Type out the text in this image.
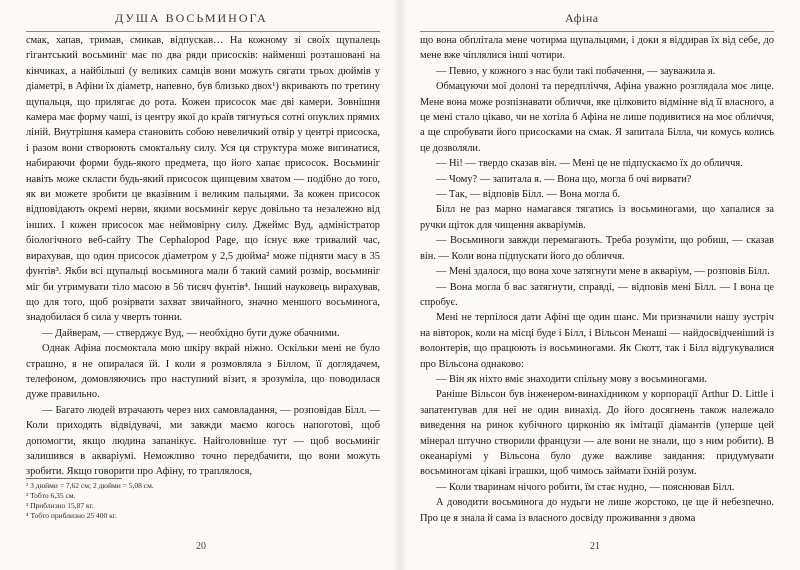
ДУША ВОСЬМИНОГА

смак, хапав, тримав, смикав, відпускав… На кожному зі своїх щупалець гігантський восьминіг має по два ряди присосків: найменші розташовані на кінчиках, а найбільші (у великих самців вони можуть сягати трьох дюймів у діаметрі, в Афіни їх діаметр, напевно, був близько двох¹) вкривають по третину щупальця, що прилягає до рота. Кожен присосок має дві камери. Зовнішня камера має форму чаші, із центру якої до країв тягнуться сотні опуклих прямих ліній. Внутрішня камера становить собою невеличкий отвір у центрі присоска, і разом вони створюють смоктальну силу. Уся ця структура може вигинатися, набираючи форми будь-якого предмета, що його хапає присосок. Восьминіг навіть може скласти будь-який присосок щипцевим хватом — подібно до того, як ви можете зробити це вказівним і великим пальцями. За кожен присосок відповідають окремі нерви, якими восьминіг керує довільно та незалежно від інших. І кожен присосок має неймовірну силу. Джеймс Вуд, адміністратор біологічного веб-сайту The Cephalopod Page, що існує вже тривалий час, вирахував, що один присосок діаметром у 2,5 дюйма² може підняти масу в 35 фунтів³. Якби всі щупальці восьминога мали б такий самий розмір, восьминіг міг би утримувати тіло масою в 56 тисяч фунтів⁴. Інший науковець вирахував, що для того, щоб розірвати захват звичайного, значно меншого восьминога, знадобилася б сила у чверть тонни.

— Дайверам, — стверджує Вуд, — необхідно бути дуже обачними.

Однак Афіна посмоктала мою шкіру вкрай ніжно. Оскільки мені не було страшно, я не опиралася їй. І коли я розмовляла з Біллом, її доглядачем, телефоном, домовляючись про наступний візит, я зрозуміла, що поводилася дуже правильно.

— Багато людей втрачають через них самовладання, — розповідав Білл. — Коли приходять відвідувачі, ми завжди маємо когось напоготові, щоб допомогти, якщо людина запанікує. Найголовніше тут — щоб восьминіг залишився в акваріумі. Неможливо точно передбачити, що вони можуть зробити. Якщо говорити про Афіну, то траплялося,

¹ 3 дюйми = 7,62 см; 2 дюйми = 5,08 см.

² Тобто 6,35 см.

³ Приблизно 15,87 кг.

⁴ Тобто приблизно 25 400 кг.

20
Афіна

що вона обплітала мене чотирма щупальцями, і доки я віддирав їх від себе, до мене вже чіплялися інші чотири.

— Певно, у кожного з нас були такі побачення, — зауважила я.

Обмацуючи мої долоні та передпліччя, Афіна уважно розглядала моє лице. Мене вона може розпізнавати обличчя, яке цілковито відмінне від її власного, а це мені стало цікаво, чи не хотіла б Афіна не лише подивитися на моє обличчя, а ще спробувати його присосками на смак. Я запитала Білла, чи комусь колись це дозволяли.

— Ні! — твердо сказав він. — Мені це не підпускаємо їх до обличчя.

— Чому? — запитала я. — Вона що, могла б очі вирвати?

— Так, — відповів Білл. — Вона могла б.

Білл не раз марно намагався тягатись із восьминогами, що хапалися за ручки щіток для чищення акваріумів.

— Восьминоги завжди перемагають. Треба розуміти, що робиш, — сказав він. — Коли вона підпускати його до обличчя.

— Мені здалося, що вона хоче затягнути мене в акваріум, — розповів Білл.

— Вона могла б вас затягнути, справді, — відповів мені Білл. — І вона це спробує.

Мені не терпілося дати Афіні ще один шанс. Ми призначили нашу зустріч на вівторок, коли на місці буде і Білл, і Вільсон Менаші — найдосвідченіший із волонтерів, що працюють із восьминогами. Як Скотт, так і Білл відгукувалися про Вільсона однаково:

— Він як ніхто вміє знаходити спільну мову з восьминогами.

Раніше Вільсон був інженером-винахідником у корпорації Arthur D. Little і запатентував для неї не один винахід. До його досягнень також належало виведення на ринок кубічного цирконію як імітації діамантів (уперше цей мінерал штучно створили французи — але вони не знали, що з ним робити). В океанаріумі у Вільсона було дуже важливе завдання: придумувати восьминогам цікаві іграшки, щоб чимось займати їхній розум.

— Коли тваринам нічого робити, їм стає нудно, — пояснював Білл.

А доводити восьминога до нудьги не лише жорстоко, це ще й небезпечно. Про це я знала й сама із власного досвіду проживання з двома

21
